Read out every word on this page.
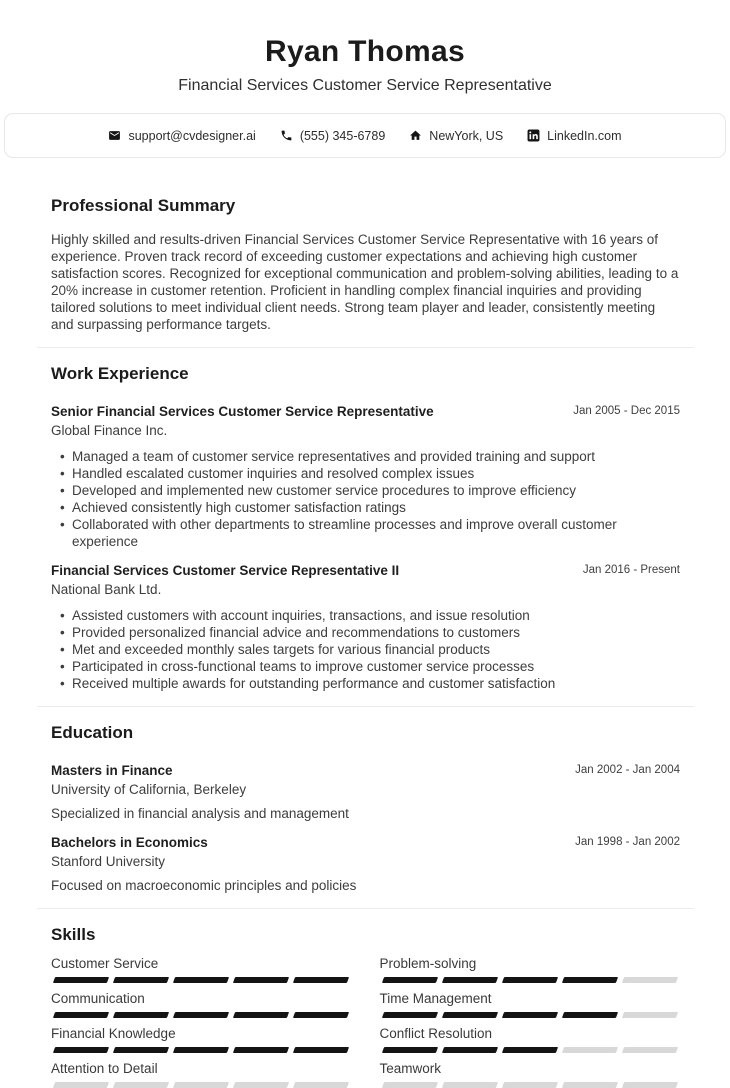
Ryan Thomas
Financial Services Customer Service Representative
support@cvdesigner.ai	(555) 345-6789	NewYork, US	LinkedIn.com
Professional Summary

Highly skilled and results-driven Financial Services Customer Service Representative with 16 years of experience. Proven track record of exceeding customer expectations and achieving high customer satisfaction scores. Recognized for exceptional communication and problem-solving abilities, leading to a 20% increase in customer retention. Proficient in handling complex financial inquiries and providing tailored solutions to meet individual client needs. Strong team player and leader, consistently meeting and surpassing performance targets.

Work Experience
Senior Financial Services Customer Service Representative	Jan 2005 - Dec 2015
Global Finance Inc.
• Managed a team of customer service representatives and provided training and support
• Handled escalated customer inquiries and resolved complex issues
• Developed and implemented new customer service procedures to improve efficiency
• Achieved consistently high customer satisfaction ratings
• Collaborated with other departments to streamline processes and improve overall customer experience
Financial Services Customer Service Representative II	Jan 2016 - Present
National Bank Ltd.
• Assisted customers with account inquiries, transactions, and issue resolution
• Provided personalized financial advice and recommendations to customers
• Met and exceeded monthly sales targets for various financial products
• Participated in cross-functional teams to improve customer service processes
• Received multiple awards for outstanding performance and customer satisfaction
Education
Masters in Finance	Jan 2002 - Jan 2004
University of California, Berkeley
Specialized in financial analysis and management
Bachelors in Economics	Jan 1998 - Jan 2002
Stanford University
Focused on macroeconomic principles and policies
Skills
Customer Service
Communication
Financial Knowledge
Attention to Detail
Problem-solving
Time Management
Conflict Resolution
Teamwork
